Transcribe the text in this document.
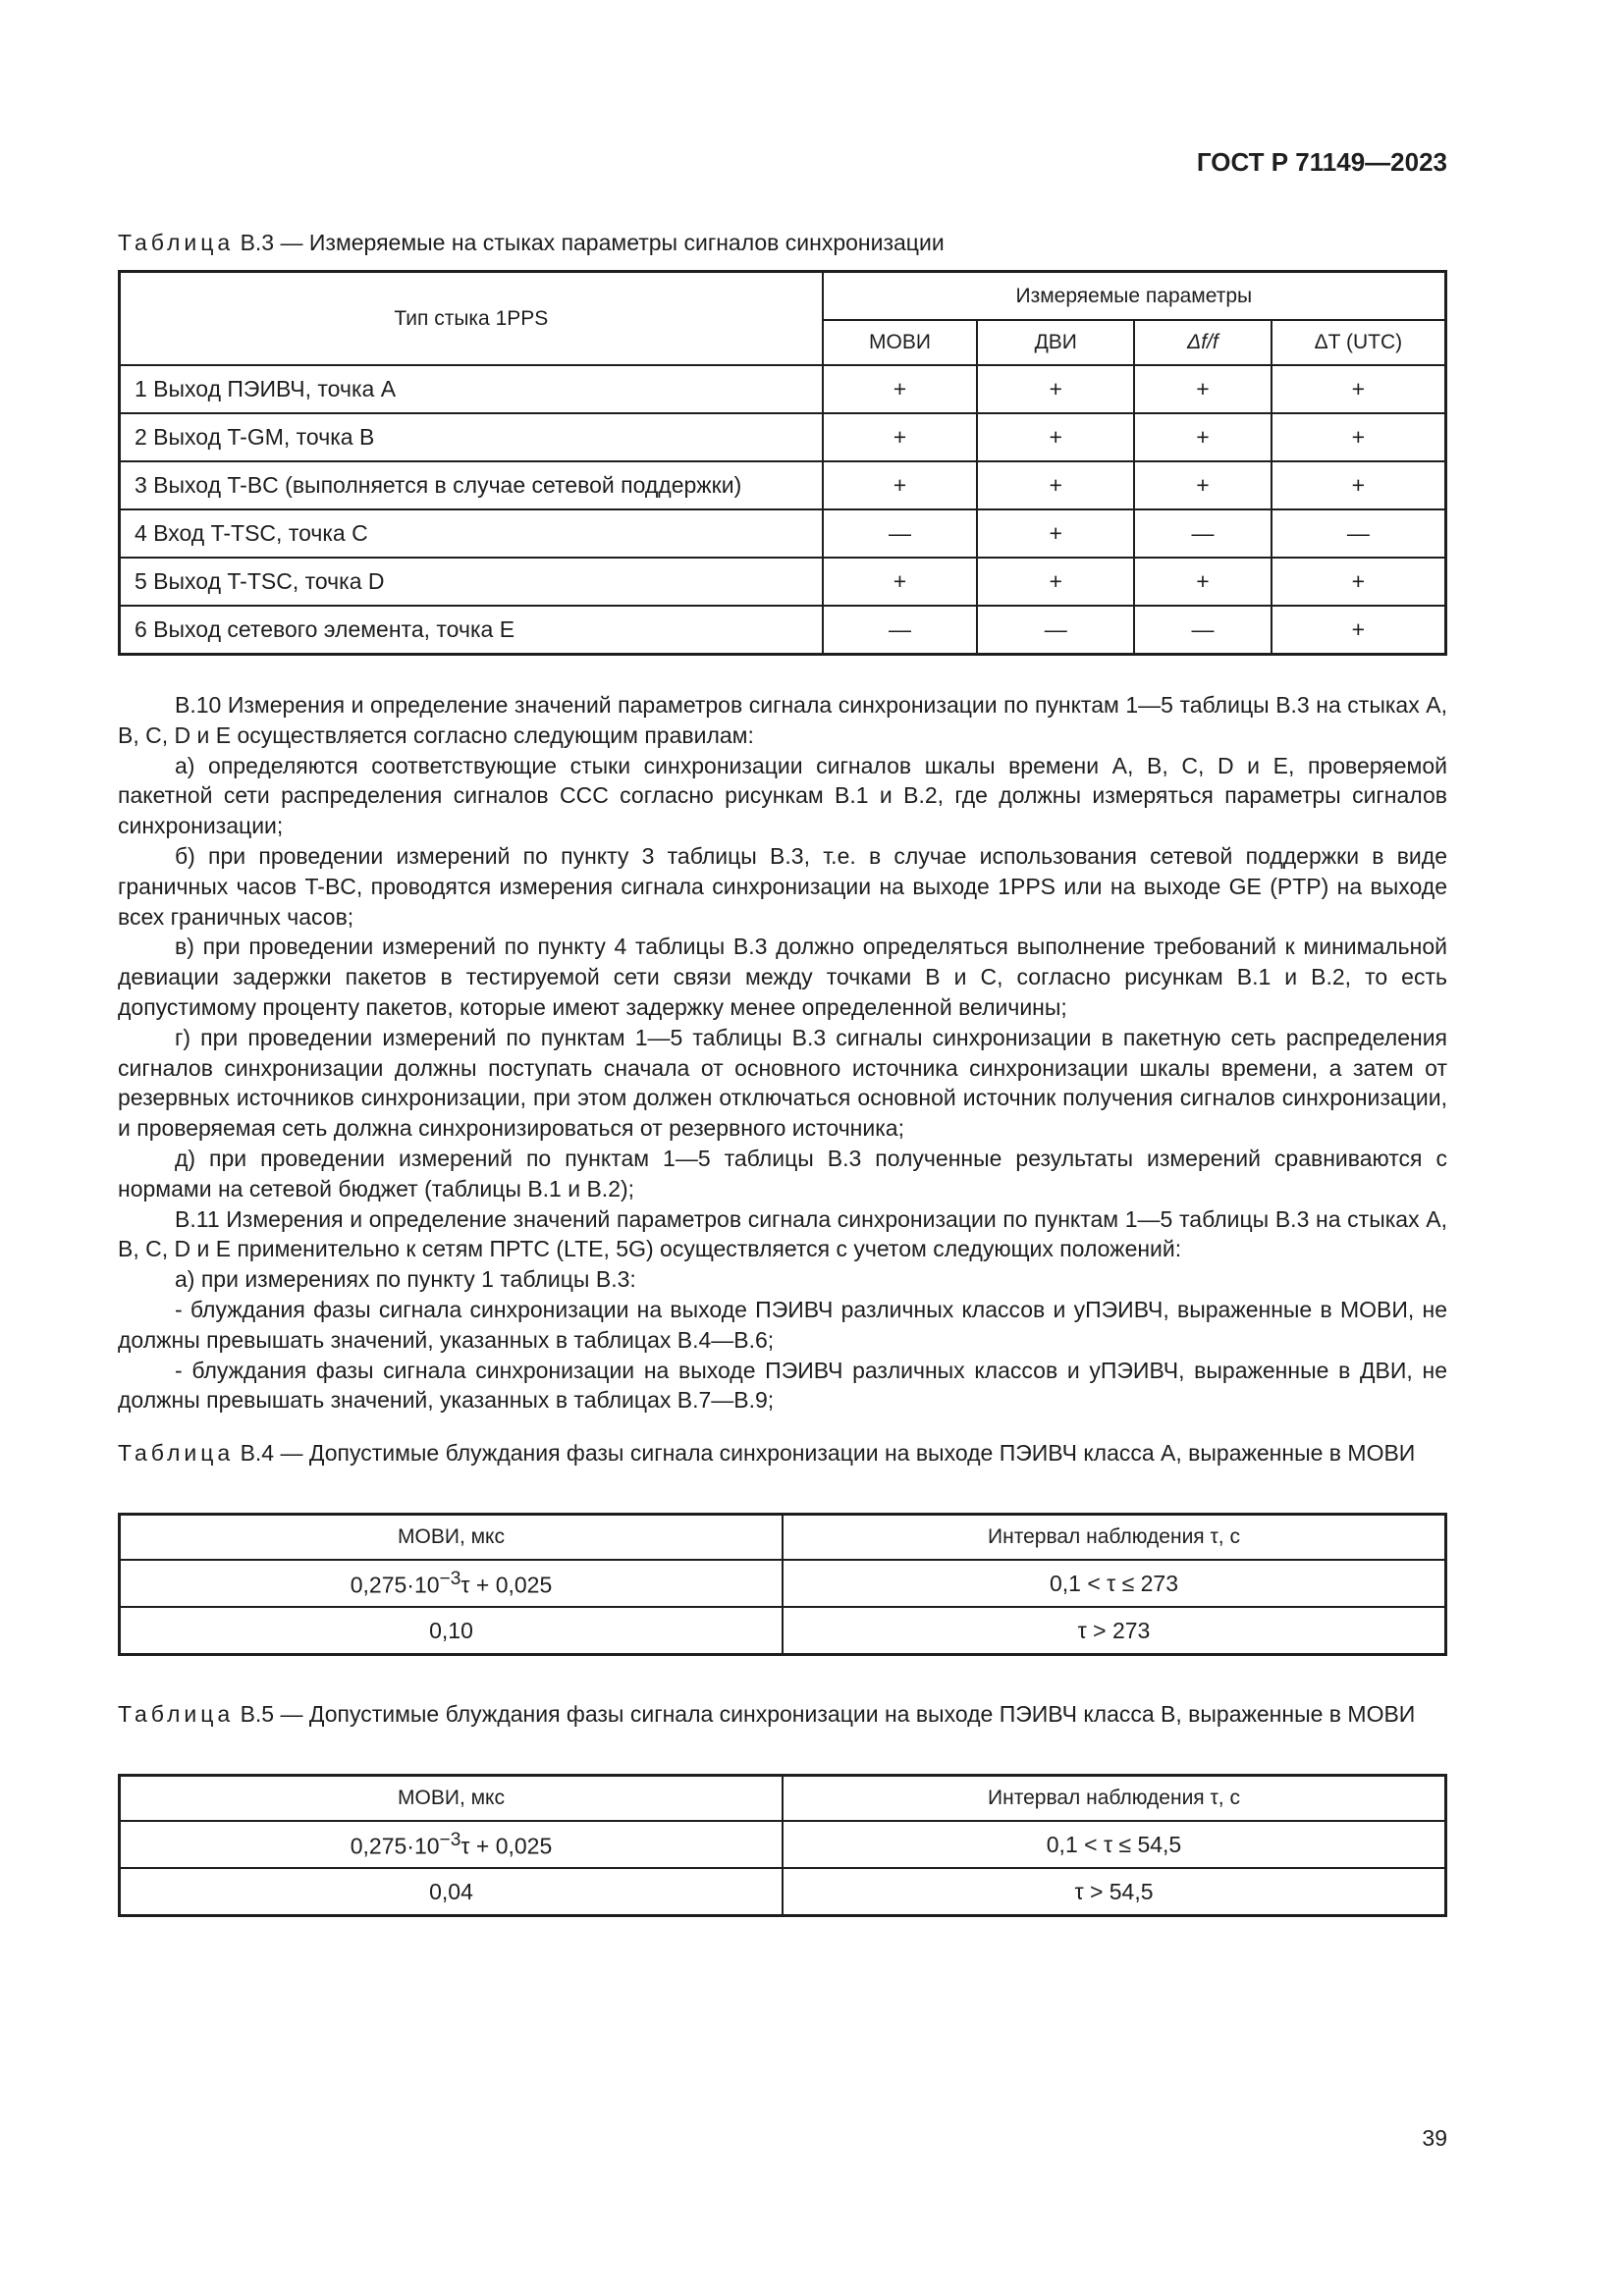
ГОСТ Р 71149—2023
Таблица В.3 — Измеряемые на стыках параметры сигналов синхронизации
Тип стыка 1PPS	Измеряемые параметры			
	МОВИ	ДВИ	Δf/f	ΔT (UTC)
1 Выход ПЭИВЧ, точка А	+	+	+	+
2 Выход T-GM, точка В	+	+	+	+
3 Выход T-BC (выполняется в случае сетевой поддержки)	+	+	+	+
4 Вход T-TSC, точка С	—	+	—	—
5 Выход T-TSC, точка D	+	+	+	+
6 Выход сетевого элемента, точка Е	—	—	—	+

В.10 Измерения и определение значений параметров сигнала синхронизации по пунктам 1—5 таблицы В.3 на стыках А, В, С, D и Е осуществляется согласно следующим правилам:

а) определяются соответствующие стыки синхронизации сигналов шкалы времени А, В, С, D и Е, проверяемой пакетной сети распределения сигналов ССС согласно рисункам В.1 и В.2, где должны измеряться параметры сигналов синхронизации;

б) при проведении измерений по пункту 3 таблицы В.3, т.е. в случае использования сетевой поддержки в виде граничных часов T-BC, проводятся измерения сигнала синхронизации на выходе 1PPS или на выходе GE (PTP) на выходе всех граничных часов;

в) при проведении измерений по пункту 4 таблицы В.3 должно определяться выполнение требований к минимальной девиации задержки пакетов в тестируемой сети связи между точками В и С, согласно рисункам В.1 и В.2, то есть допустимому проценту пакетов, которые имеют задержку менее определенной величины;

г) при проведении измерений по пунктам 1—5 таблицы В.3 сигналы синхронизации в пакетную сеть распределения сигналов синхронизации должны поступать сначала от основного источника синхронизации шкалы времени, а затем от резервных источников синхронизации, при этом должен отключаться основной источник получения сигналов синхронизации, и проверяемая сеть должна синхронизироваться от резервного источника;

д) при проведении измерений по пунктам 1—5 таблицы В.3 полученные результаты измерений сравниваются с нормами на сетевой бюджет (таблицы В.1 и В.2);

В.11 Измерения и определение значений параметров сигнала синхронизации по пунктам 1—5 таблицы В.3 на стыках А, В, С, D и Е применительно к сетям ПРТС (LTE, 5G) осуществляется с учетом следующих положений:

а) при измерениях по пункту 1 таблицы В.3:

- блуждания фазы сигнала синхронизации на выходе ПЭИВЧ различных классов и уПЭИВЧ, выраженные в МОВИ, не должны превышать значений, указанных в таблицах В.4—В.6;

- блуждания фазы сигнала синхронизации на выходе ПЭИВЧ различных классов и уПЭИВЧ, выраженные в ДВИ, не должны превышать значений, указанных в таблицах В.7—В.9;

Таблица В.4 — Допустимые блуждания фазы сигнала синхронизации на выходе ПЭИВЧ класса А, выраженные в МОВИ
МОВИ, мкс	Интервал наблюдения τ, с
$0,275\cdot 10^{-3}\tau + 0,025$	0,1 < τ ≤ 273
0,10	τ > 273
Таблица В.5 — Допустимые блуждания фазы сигнала синхронизации на выходе ПЭИВЧ класса В, выраженные в МОВИ
МОВИ, мкс	Интервал наблюдения τ, с
$0,275\cdot 10^{-3}\tau + 0,025$	0,1 < τ ≤ 54,5
0,04	τ > 54,5
39
